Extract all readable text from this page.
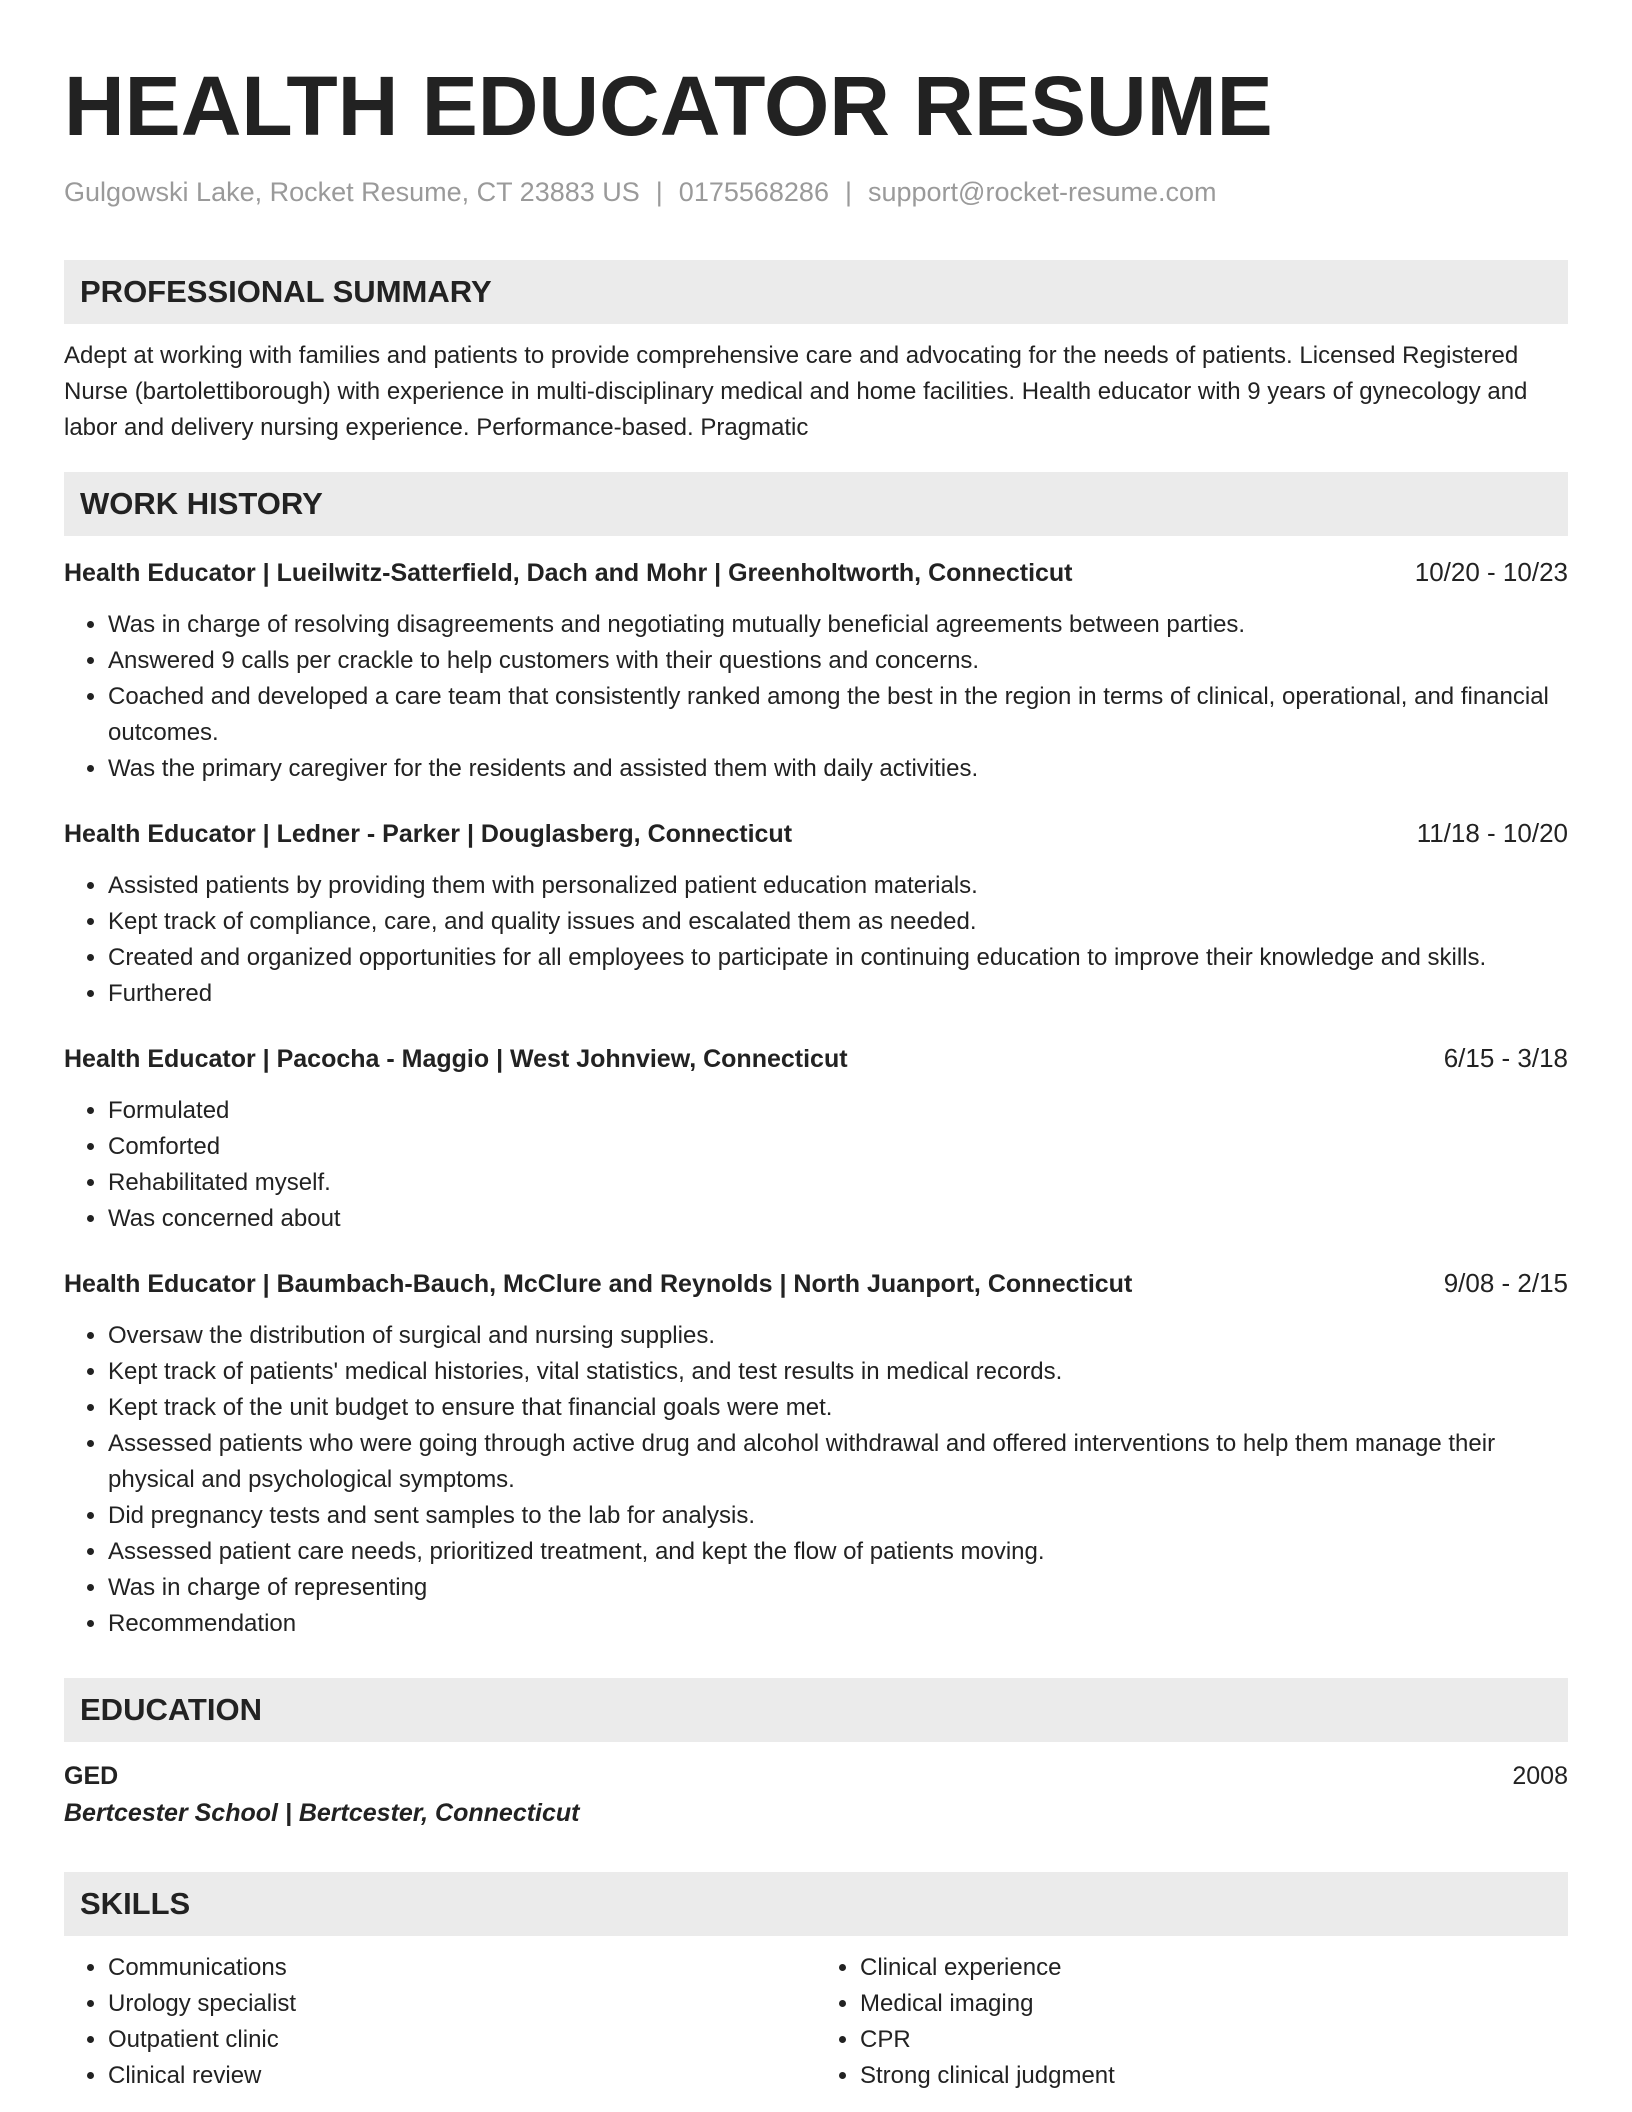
HEALTH EDUCATOR RESUME
Gulgowski Lake, Rocket Resume, CT 23883 US | 0175568286 | support@rocket-resume.com
PROFESSIONAL SUMMARY
Adept at working with families and patients to provide comprehensive care and advocating for the needs of patients. Licensed Registered Nurse (bartolettiborough) with experience in multi-disciplinary medical and home facilities. Health educator with 9 years of gynecology and labor and delivery nursing experience. Performance-based. Pragmatic
WORK HISTORY
Health Educator | Lueilwitz-Satterfield, Dach and Mohr | Greenholtworth, Connecticut	10/20 - 10/23
• Was in charge of resolving disagreements and negotiating mutually beneficial agreements between parties.
• Answered 9 calls per crackle to help customers with their questions and concerns.
• Coached and developed a care team that consistently ranked among the best in the region in terms of clinical, operational, and financial outcomes.
• Was the primary caregiver for the residents and assisted them with daily activities.
Health Educator | Ledner - Parker | Douglasberg, Connecticut	11/18 - 10/20
• Assisted patients by providing them with personalized patient education materials.
• Kept track of compliance, care, and quality issues and escalated them as needed.
• Created and organized opportunities for all employees to participate in continuing education to improve their knowledge and skills.
• Furthered
Health Educator | Pacocha - Maggio | West Johnview, Connecticut	6/15 - 3/18
• Formulated
• Comforted
• Rehabilitated myself.
• Was concerned about
Health Educator | Baumbach-Bauch, McClure and Reynolds | North Juanport, Connecticut	9/08 - 2/15
• Oversaw the distribution of surgical and nursing supplies.
• Kept track of patients' medical histories, vital statistics, and test results in medical records.
• Kept track of the unit budget to ensure that financial goals were met.
• Assessed patients who were going through active drug and alcohol withdrawal and offered interventions to help them manage their physical and psychological symptoms.
• Did pregnancy tests and sent samples to the lab for analysis.
• Assessed patient care needs, prioritized treatment, and kept the flow of patients moving.
• Was in charge of representing
• Recommendation
EDUCATION
GED	2008
Bertcester School | Bertcester, Connecticut
SKILLS
• Communications
• Urology specialist
• Outpatient clinic
• Clinical review
• Clinical experience
• Medical imaging
• CPR
• Strong clinical judgment
